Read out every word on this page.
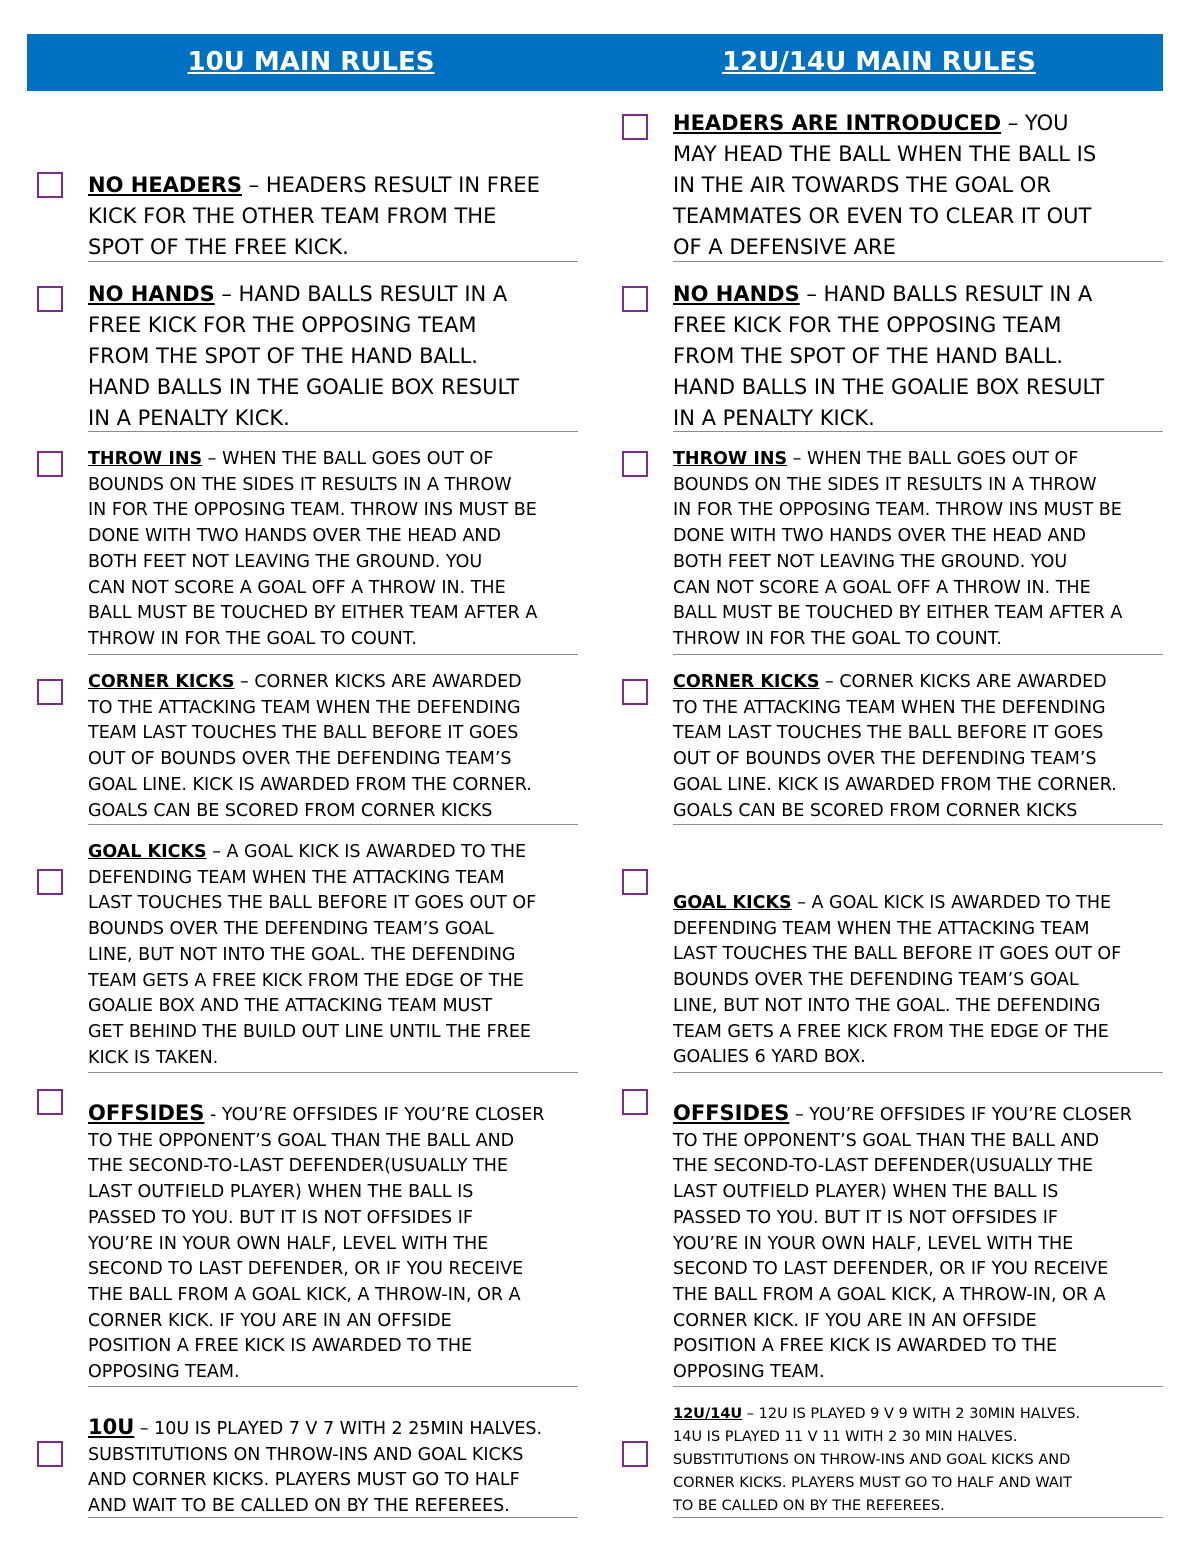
10U MAIN RULES	12U/14U MAIN RULES

NO HEADERS – HEADERS RESULT IN FREE
KICK FOR THE OTHER TEAM FROM THE
SPOT OF THE FREE KICK.

NO HANDS – HAND BALLS RESULT IN A
FREE KICK FOR THE OPPOSING TEAM
FROM THE SPOT OF THE HAND BALL.
HAND BALLS IN THE GOALIE BOX RESULT
IN A PENALTY KICK.

THROW INS – WHEN THE BALL GOES OUT OF
BOUNDS ON THE SIDES IT RESULTS IN A THROW
IN FOR THE OPPOSING TEAM. THROW INS MUST BE
DONE WITH TWO HANDS OVER THE HEAD AND
BOTH FEET NOT LEAVING THE GROUND. YOU
CAN NOT SCORE A GOAL OFF A THROW IN. THE
BALL MUST BE TOUCHED BY EITHER TEAM AFTER A
THROW IN FOR THE GOAL TO COUNT.

CORNER KICKS – CORNER KICKS ARE AWARDED
TO THE ATTACKING TEAM WHEN THE DEFENDING
TEAM LAST TOUCHES THE BALL BEFORE IT GOES
OUT OF BOUNDS OVER THE DEFENDING TEAM’S
GOAL LINE. KICK IS AWARDED FROM THE CORNER.
GOALS CAN BE SCORED FROM CORNER KICKS

GOAL KICKS – A GOAL KICK IS AWARDED TO THE
DEFENDING TEAM WHEN THE ATTACKING TEAM
LAST TOUCHES THE BALL BEFORE IT GOES OUT OF
BOUNDS OVER THE DEFENDING TEAM’S GOAL
LINE, BUT NOT INTO THE GOAL. THE DEFENDING
TEAM GETS A FREE KICK FROM THE EDGE OF THE
GOALIE BOX AND THE ATTACKING TEAM MUST
GET BEHIND THE BUILD OUT LINE UNTIL THE FREE
KICK IS TAKEN.

OFFSIDES - YOU’RE OFFSIDES IF YOU’RE CLOSER
TO THE OPPONENT’S GOAL THAN THE BALL AND
THE SECOND-TO-LAST DEFENDER(USUALLY THE
LAST OUTFIELD PLAYER) WHEN THE BALL IS
PASSED TO YOU. BUT IT IS NOT OFFSIDES IF
YOU’RE IN YOUR OWN HALF, LEVEL WITH THE
SECOND TO LAST DEFENDER, OR IF YOU RECEIVE
THE BALL FROM A GOAL KICK, A THROW-IN, OR A
CORNER KICK. IF YOU ARE IN AN OFFSIDE
POSITION A FREE KICK IS AWARDED TO THE
OPPOSING TEAM.

10U – 10U IS PLAYED 7 V 7 WITH 2 25MIN HALVES.
SUBSTITUTIONS ON THROW-INS AND GOAL KICKS
AND CORNER KICKS. PLAYERS MUST GO TO HALF
AND WAIT TO BE CALLED ON BY THE REFEREES.

HEADERS ARE INTRODUCED – YOU
MAY HEAD THE BALL WHEN THE BALL IS
IN THE AIR TOWARDS THE GOAL OR
TEAMMATES OR EVEN TO CLEAR IT OUT
OF A DEFENSIVE ARE

NO HANDS – HAND BALLS RESULT IN A
FREE KICK FOR THE OPPOSING TEAM
FROM THE SPOT OF THE HAND BALL.
HAND BALLS IN THE GOALIE BOX RESULT
IN A PENALTY KICK.

THROW INS – WHEN THE BALL GOES OUT OF
BOUNDS ON THE SIDES IT RESULTS IN A THROW
IN FOR THE OPPOSING TEAM. THROW INS MUST BE
DONE WITH TWO HANDS OVER THE HEAD AND
BOTH FEET NOT LEAVING THE GROUND. YOU
CAN NOT SCORE A GOAL OFF A THROW IN. THE
BALL MUST BE TOUCHED BY EITHER TEAM AFTER A
THROW IN FOR THE GOAL TO COUNT.

CORNER KICKS – CORNER KICKS ARE AWARDED
TO THE ATTACKING TEAM WHEN THE DEFENDING
TEAM LAST TOUCHES THE BALL BEFORE IT GOES
OUT OF BOUNDS OVER THE DEFENDING TEAM’S
GOAL LINE. KICK IS AWARDED FROM THE CORNER.
GOALS CAN BE SCORED FROM CORNER KICKS

GOAL KICKS – A GOAL KICK IS AWARDED TO THE
DEFENDING TEAM WHEN THE ATTACKING TEAM
LAST TOUCHES THE BALL BEFORE IT GOES OUT OF
BOUNDS OVER THE DEFENDING TEAM’S GOAL
LINE, BUT NOT INTO THE GOAL. THE DEFENDING
TEAM GETS A FREE KICK FROM THE EDGE OF THE
GOALIES 6 YARD BOX.

OFFSIDES – YOU’RE OFFSIDES IF YOU’RE CLOSER
TO THE OPPONENT’S GOAL THAN THE BALL AND
THE SECOND-TO-LAST DEFENDER(USUALLY THE
LAST OUTFIELD PLAYER) WHEN THE BALL IS
PASSED TO YOU. BUT IT IS NOT OFFSIDES IF
YOU’RE IN YOUR OWN HALF, LEVEL WITH THE
SECOND TO LAST DEFENDER, OR IF YOU RECEIVE
THE BALL FROM A GOAL KICK, A THROW-IN, OR A
CORNER KICK. IF YOU ARE IN AN OFFSIDE
POSITION A FREE KICK IS AWARDED TO THE
OPPOSING TEAM.

12U/14U – 12U IS PLAYED 9 V 9 WITH 2 30MIN HALVES.
14U IS PLAYED 11 V 11 WITH 2 30 MIN HALVES.
SUBSTITUTIONS ON THROW-INS AND GOAL KICKS AND
CORNER KICKS. PLAYERS MUST GO TO HALF AND WAIT
TO BE CALLED ON BY THE REFEREES.
